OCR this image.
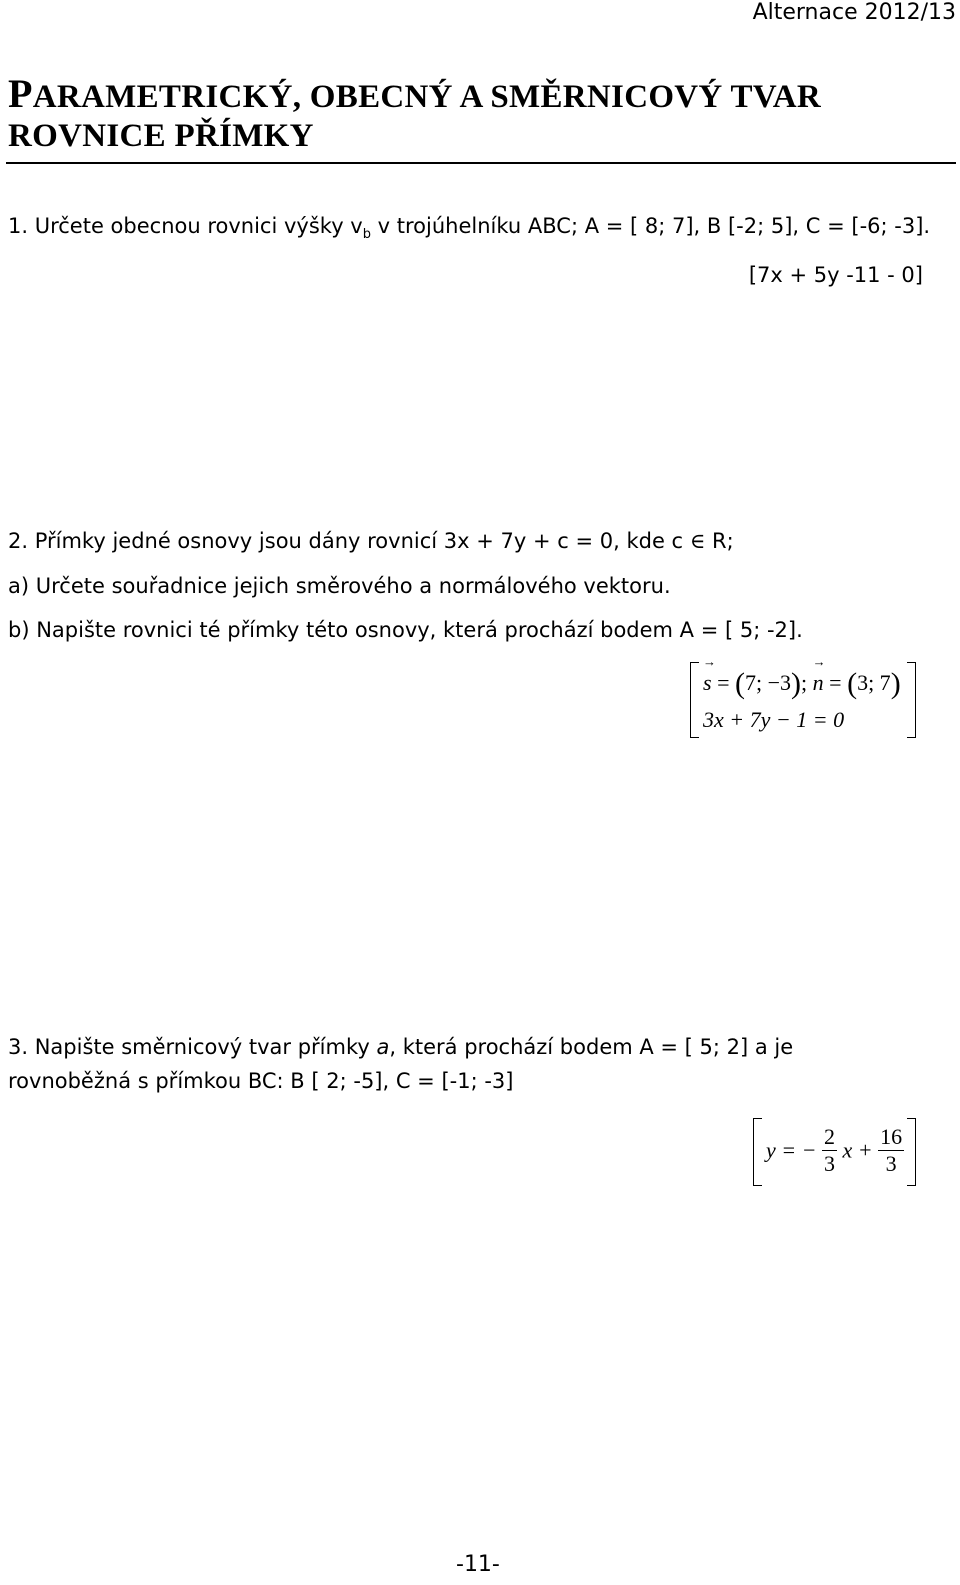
Alternace 2012/13
PARAMETRICKÝ, OBECNÝ A SMĚRNICOVÝ TVAR
ROVNICE PŘÍMKY
1. Určete obecnou rovnici výšky $v_b$ v trojúhelníku ABC; A = [ 8; 7], B [-2; 5], C = [-6; -3].
[7x + 5y -11 - 0]
2. Přímky jedné osnovy jsou dány rovnicí 3x + 7y + c = 0, kde c ∈ R;
a) Určete souřadnice jejich směrového a normálového vektoru.
b) Napište rovnici té přímky této osnovy, která prochází bodem A = [ 5; -2].
→ s = (7; −3); → n = (3; 7)
3x + 7y − 1 = 0
3. Napište směrnicový tvar přímky a, která prochází bodem A = [ 5; 2] a je
rovnoběžná s přímkou BC: B [ 2; -5], C = [-1; -3]
y = − $\frac{2}{3}$ $x + \frac{16}{3}$
-11-
